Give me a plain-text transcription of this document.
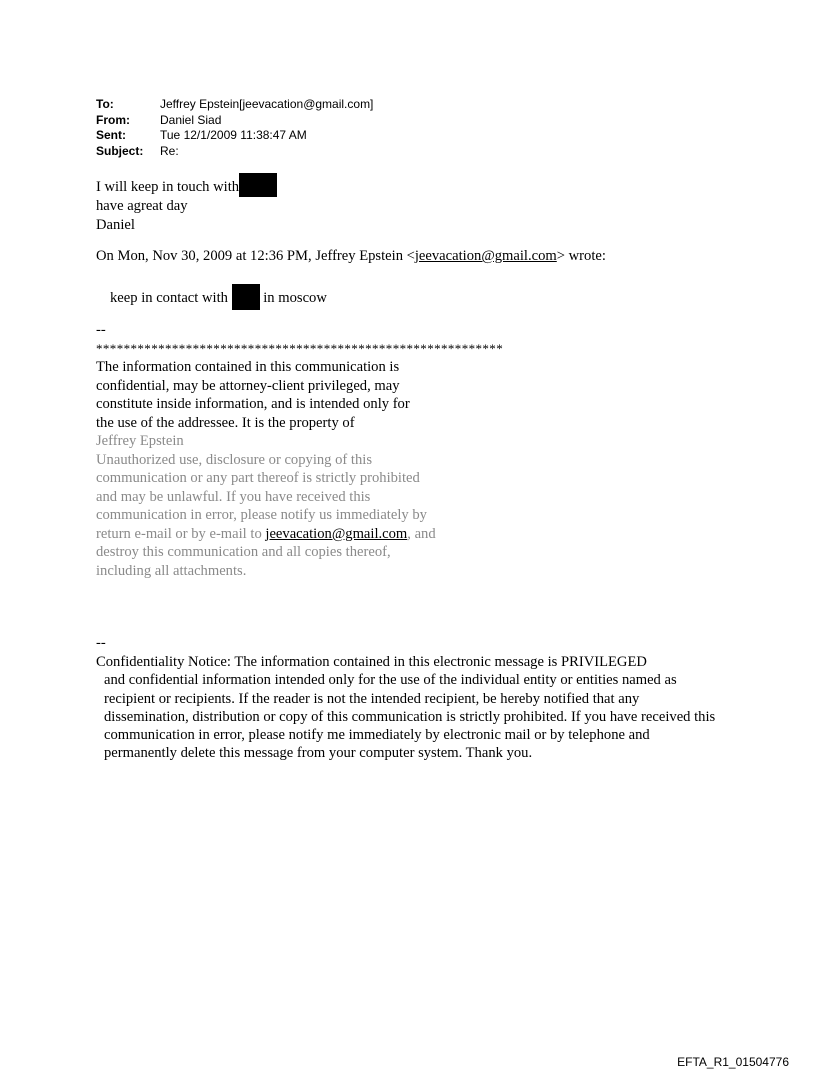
To:	Jeffrey Epstein[jeevacation@gmail.com]
From:	Daniel Siad
Sent:	Tue 12/1/2009 11:38:47 AM
Subject:	Re:
I will keep in touch with
have agreat day
Daniel
On Mon, Nov 30, 2009 at 12:36 PM, Jeffrey Epstein <jeevacation@gmail.com> wrote:
keep in contact with in moscow
--
***********************************************************
The information contained in this communication is
confidential, may be attorney-client privileged, may
constitute inside information, and is intended only for
the use of the addressee. It is the property of
Jeffrey Epstein
Unauthorized use, disclosure or copying of this
communication or any part thereof is strictly prohibited
and may be unlawful. If you have received this
communication in error, please notify us immediately by
return e-mail or by e-mail to jeevacation@gmail.com, and
destroy this communication and all copies thereof,
including all attachments.
--
Confidentiality Notice: The information contained in this electronic message is PRIVILEGED
and confidential information intended only for the use of the individual entity or entities named as recipient or recipients. If the reader is not the intended recipient, be hereby notified that any dissemination, distribution or copy of this communication is strictly prohibited. If you have received this communication in error, please notify me immediately by electronic mail or by telephone and permanently delete this message from your computer system. Thank you.
EFTA_R1_01504776
